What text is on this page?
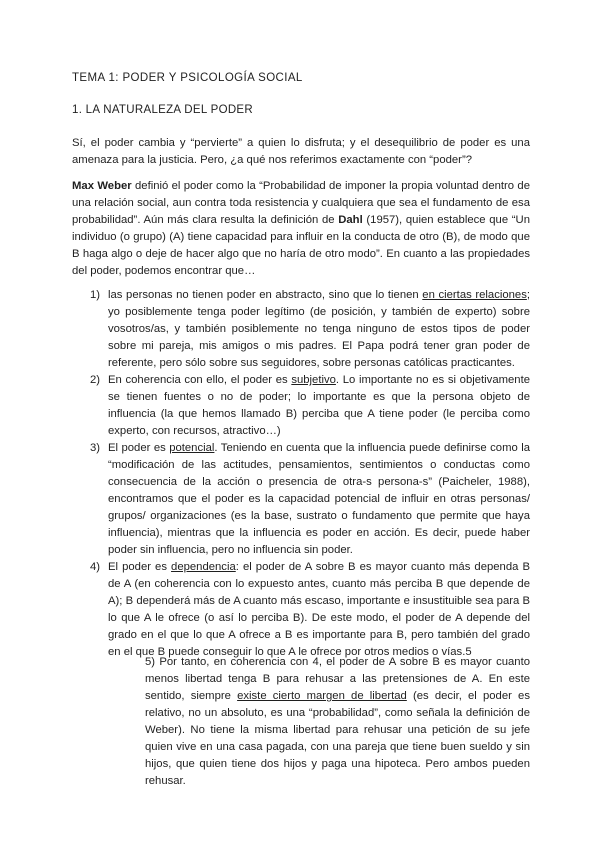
TEMA 1: PODER Y PSICOLOGÍA SOCIAL
1. LA NATURALEZA DEL PODER

Sí, el poder cambia y “pervierte” a quien lo disfruta; y el desequilibrio de poder es una amenaza para la justicia. Pero, ¿a qué nos referimos exactamente con “poder”?

Max Weber definió el poder como la “Probabilidad de imponer la propia voluntad dentro de una relación social, aun contra toda resistencia y cualquiera que sea el fundamento de esa probabilidad”. Aún más clara resulta la definición de Dahl (1957), quien establece que “Un individuo (o grupo) (A) tiene capacidad para influir en la conducta de otro (B), de modo que B haga algo o deje de hacer algo que no haría de otro modo”. En cuanto a las propiedades del poder, podemos encontrar que…

1) las personas no tienen poder en abstracto, sino que lo tienen en ciertas relaciones; yo posiblemente tenga poder legítimo (de posición, y también de experto) sobre vosotros/as, y también posiblemente no tenga ninguno de estos tipos de poder sobre mi pareja, mis amigos o mis padres. El Papa podrá tener gran poder de referente, pero sólo sobre sus seguidores, sobre personas católicas practicantes.
2) En coherencia con ello, el poder es subjetivo. Lo importante no es si objetivamente se tienen fuentes o no de poder; lo importante es que la persona objeto de influencia (la que hemos llamado B) perciba que A tiene poder (le perciba como experto, con recursos, atractivo…)
3) El poder es potencial. Teniendo en cuenta que la influencia puede definirse como la “modificación de las actitudes, pensamientos, sentimientos o conductas como consecuencia de la acción o presencia de otra-s persona-s” (Paicheler, 1988), encontramos que el poder es la capacidad potencial de influir en otras personas/ grupos/ organizaciones (es la base, sustrato o fundamento que permite que haya influencia), mientras que la influencia es poder en acción. Es decir, puede haber poder sin influencia, pero no influencia sin poder.
4) El poder es dependencia: el poder de A sobre B es mayor cuanto más dependa B de A (en coherencia con lo expuesto antes, cuanto más perciba B que depende de A); B dependerá más de A cuanto más escaso, importante e insustituible sea para B lo que A le ofrece (o así lo perciba B). De este modo, el poder de A depende del grado en el que lo que A ofrece a B es importante para B, pero también del grado en el que B puede conseguir lo que A le ofrece por otros medios o vías.5

5) Por tanto, en coherencia con 4, el poder de A sobre B es mayor cuanto menos libertad tenga B para rehusar a las pretensiones de A. En este sentido, siempre existe cierto margen de libertad (es decir, el poder es relativo, no un absoluto, es una “probabilidad”, como señala la definición de Weber). No tiene la misma libertad para rehusar una petición de su jefe quien vive en una casa pagada, con una pareja que tiene buen sueldo y sin hijos, que quien tiene dos hijos y paga una hipoteca. Pero ambos pueden rehusar.
